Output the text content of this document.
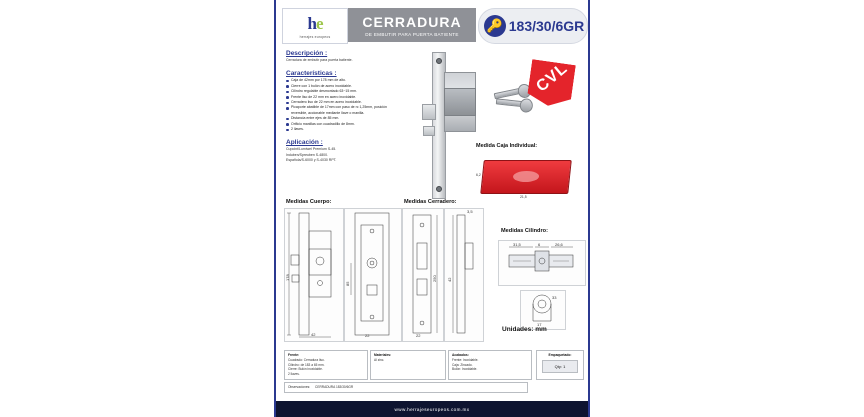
he
herrajes europeos
CERRADURA
DE EMBUTIR PARA PUERTA BATIENTE
🔑 183/30/6GR
Descripción :
Cerradura de embutir para puerta batiente.
Características :
Caja de 42mm por 178 mm de alto.
Cierre con 1 bulón de acero inoxidable.
Cilindro regulable desmontado 63~15 mm.
Frente liso de 22 mm en acero inoxidable.
Cerradero liso de 22 mm en acero inoxidable.
Picaporte abatible de 17mm con paso de rc 1,25mm, posición reversible, accionable mediante llave o manilla.
Distancia entre ejes de 85 mm.
Orificio manillas con cuadradillo de 8mm.
2 llaves.
Aplicación :
Cupoint/Lumiwel Premium S-45.
Induben/Spreuben S-4800.
Española/S-6000 y S-4030 RPT.
CVL
Medida Caja Individual:
21,5
6,2
Medidas Cuerpo:	Medidas Cerradero:
Medidas Cilindro:
178
42
85
22
250
22
3,5
42
31,5	6	26,6
33
17
Unidades: mm
Frente:
Cuadrado: Cerradura liso.
Cilindro: de 183 a 65 mm.
Cierre: Bulón inoxidable.
2 llaves.
Materiales:
Al zinc.
Acabados:
Frente: Inoxidable.
Caja: Zincado.
Bulón: Inoxidable.
Empaquetado:
Qty: 1
Observaciones: CERRADURA 183/30/6GR
www.herrajeseuropeos.com.mx
